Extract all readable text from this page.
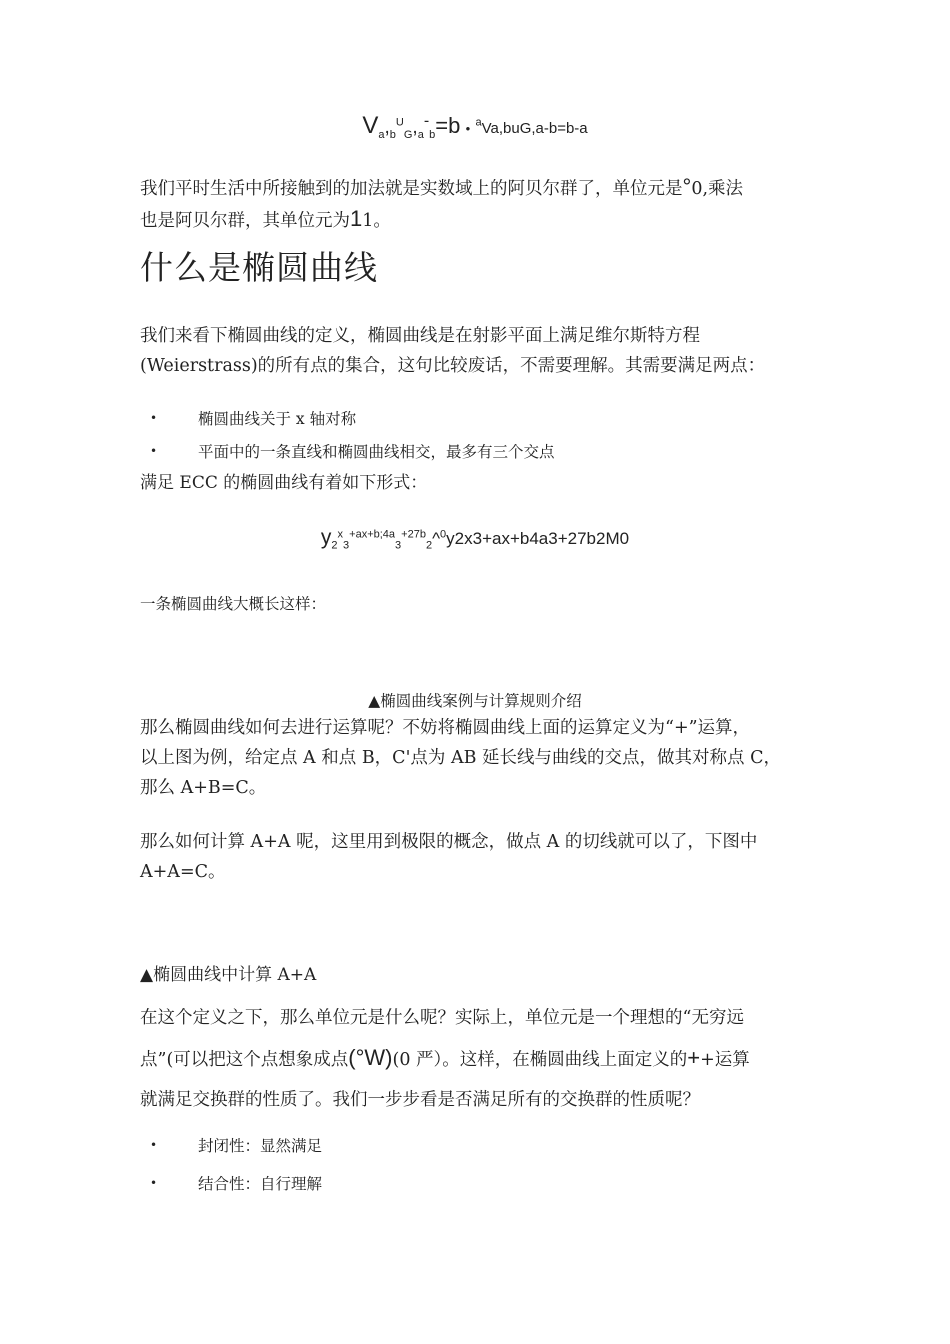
$V_a,_b^U_G,_a^-_b=b$ • $^a$Va,buG,a-b=b-a
我们平时生活中所接触到的加法就是实数域上的阿贝尔群了，单位元是°0,乘法
也是阿贝尔群，其单位元为11。
什么是椭圆曲线
我们来看下椭圆曲线的定义，椭圆曲线是在射影平面上满足维尔斯特方程
(Weierstrass)的所有点的集合，这句比较废话，不需要理解。其需要满足两点：
•	椭圆曲线关于 x 轴对称
•	平面中的一条直线和椭圆曲线相交，最多有三个交点
满足 ECC 的椭圆曲线有着如下形式：
$y_2^x_3^{+ax+b;4a}_3^{+27b}_2\^{}^0y2x3+ax+b4a3+27b2M0$
一条椭圆曲线大概长这样：
▲椭圆曲线案例与计算规则介绍
那么椭圆曲线如何去进行运算呢？不妨将椭圆曲线上面的运算定义为“+”运算，
以上图为例，给定点 A 和点 B，C'点为 AB 延长线与曲线的交点，做其对称点 C，
那么 A+B=C。
那么如何计算 A+A 呢，这里用到极限的概念，做点 A 的切线就可以了，下图中
A+A=C。
▲椭圆曲线中计算 A+A
在这个定义之下，那么单位元是什么呢？实际上，单位元是一个理想的“无穷远
点”(可以把这个点想象成点(°W)(0 严）。这样，在椭圆曲线上面定义的++运算
就满足交换群的性质了。我们一步步看是否满足所有的交换群的性质呢？
•	封闭性：显然满足
•	结合性：自行理解
